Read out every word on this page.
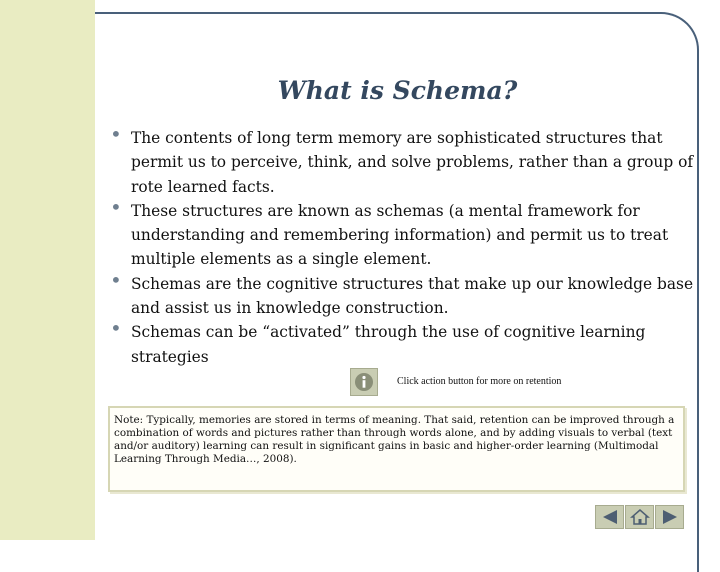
What is Schema?
• The contents of long term memory are sophisticated structures that permit us to perceive, think, and solve problems, rather than a group of rote learned facts.
• These structures are known as schemas (a mental framework for understanding and remembering information) and permit us to treat multiple elements as a single element.
• Schemas are the cognitive structures that make up our knowledge base and assist us in knowledge construction.
• Schemas can be “activated” through the use of cognitive learning strategies
Click action button for more on retention
Note: Typically, memories are stored in terms of meaning. That said, retention can be improved through a combination of words and pictures rather than through words alone, and by adding visuals to verbal (text and/or auditory) learning can result in significant gains in basic and higher-order learning (Multimodal Learning Through Media…, 2008).
